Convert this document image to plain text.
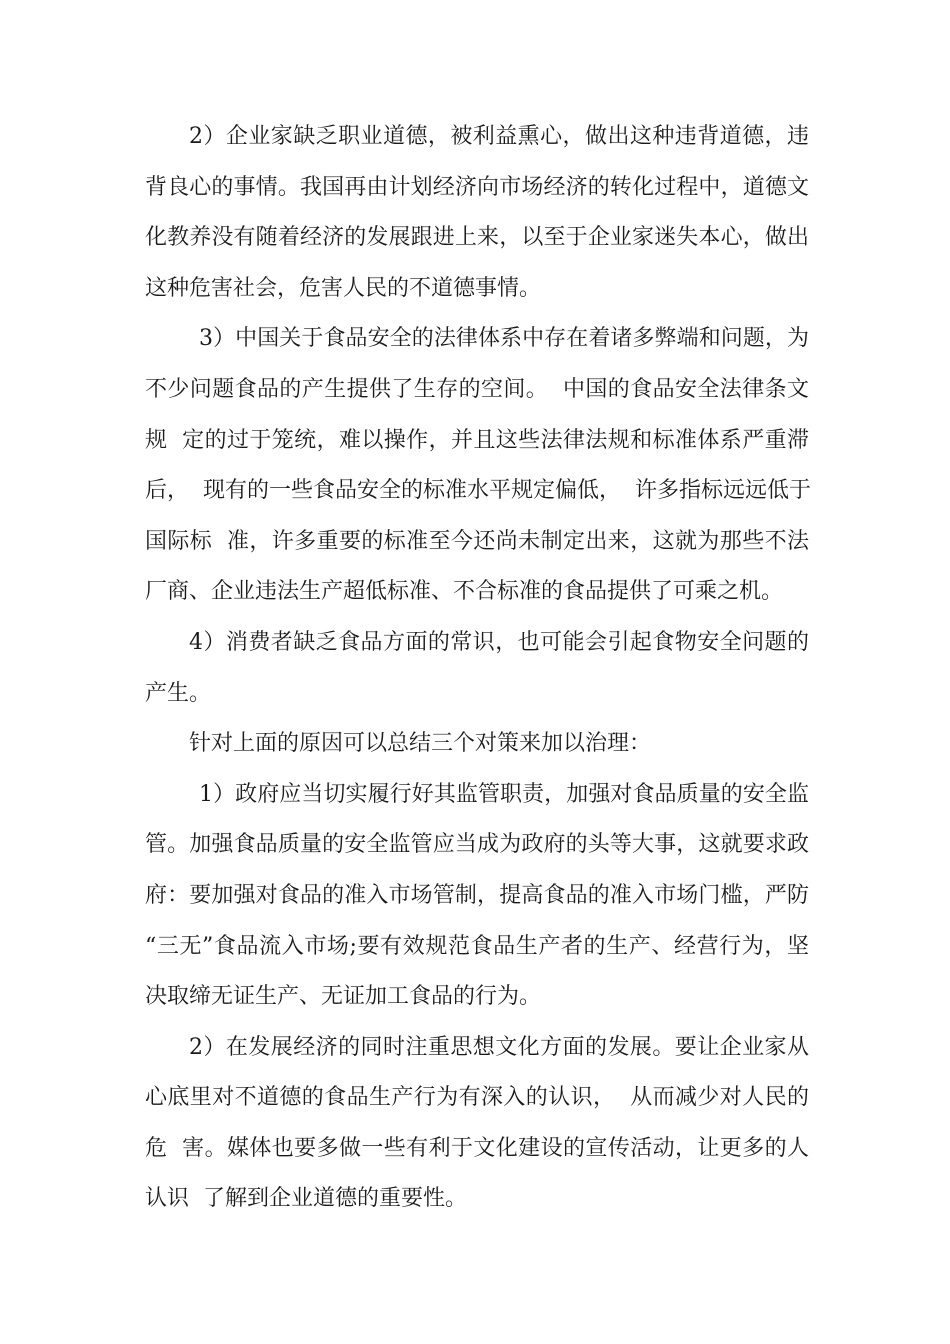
2）企业家缺乏职业道德，被利益熏心，做出这种违背道德，违
背良心的事情。我国再由计划经济向市场经济的转化过程中，道德文
化教养没有随着经济的发展跟进上来，以至于企业家迷失本心，做出
这种危害社会，危害人民的不道德事情。
3）中国关于食品安全的法律体系中存在着诸多弊端和问题，为
不少问题食品的产生提供了生存的空间。  中国的食品安全法律条文
规  定的过于笼统，难以操作，并且这些法律法规和标准体系严重滞
后，  现有的一些食品安全的标准水平规定偏低，  许多指标远远低于
国际标  准，许多重要的标准至今还尚未制定出来，这就为那些不法
厂商、企业违法生产超低标准、不合标准的食品提供了可乘之机。
4）消费者缺乏食品方面的常识，也可能会引起食物安全问题的
产生。
针对上面的原因可以总结三个对策来加以治理：
1）政府应当切实履行好其监管职责，加强对食品质量的安全监
管。加强食品质量的安全监管应当成为政府的头等大事，这就要求政
府：要加强对食品的准入市场管制，提高食品的准入市场门槛，严防
“三无”食品流入市场;要有效规范食品生产者的生产、经营行为，坚
决取缔无证生产、无证加工食品的行为。
2）在发展经济的同时注重思想文化方面的发展。要让企业家从
心底里对不道德的食品生产行为有深入的认识，  从而减少对人民的
危  害。媒体也要多做一些有利于文化建设的宣传活动，让更多的人
认识  了解到企业道德的重要性。
